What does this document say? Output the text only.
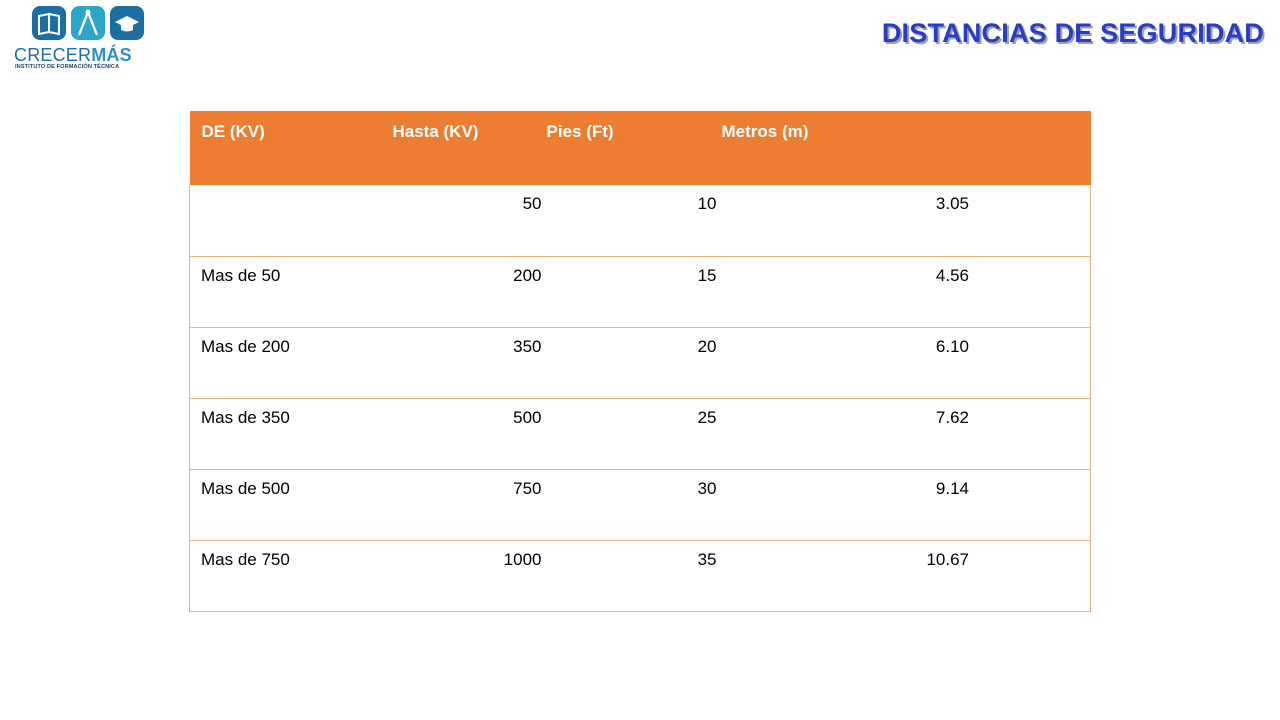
CRECERMÁS
INSTITUTO DE FORMACIÓN TÉCNICA
DISTANCIAS DE SEGURIDAD
DE (KV)	Hasta (KV)	Pies (Ft)	Metros (m)
	50	10	3.05
Mas de 50	200	15	4.56
Mas de 200	350	20	6.10
Mas de 350	500	25	7.62
Mas de 500	750	30	9.14
Mas de 750	1000	35	10.67
